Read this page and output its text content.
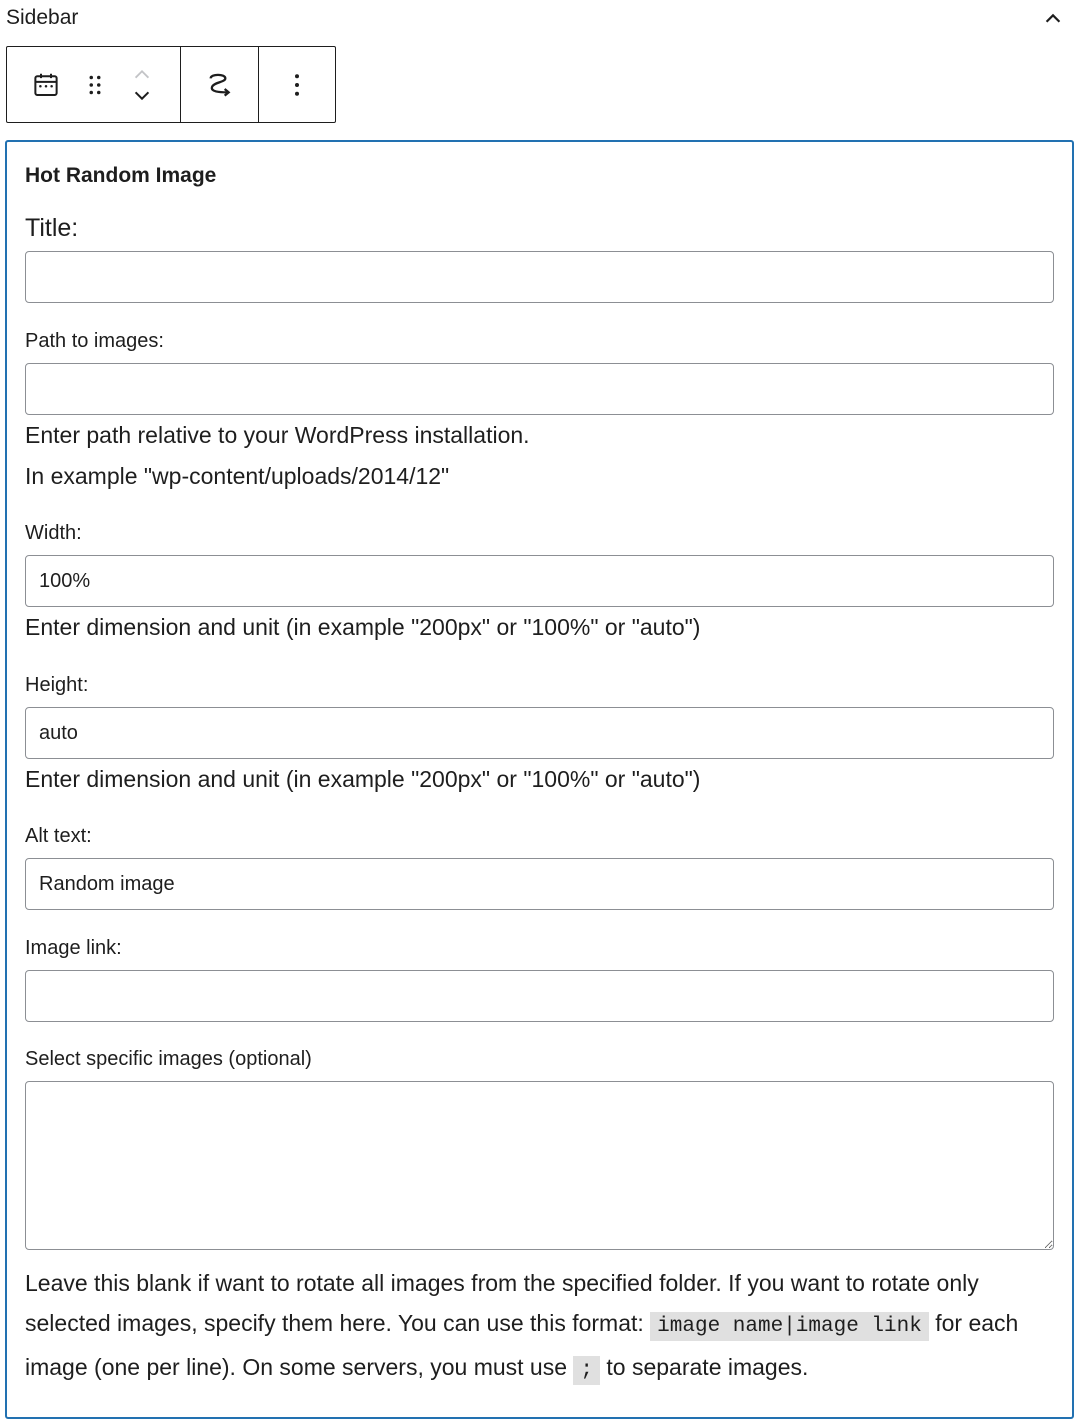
Sidebar
Hot Random Image
Title:
Path to images:
Enter path relative to your WordPress installation.
In example "wp-content/uploads/2014/12"
Width:
100%
Enter dimension and unit (in example "200px" or "100%" or "auto")
Height:
auto
Enter dimension and unit (in example "200px" or "100%" or "auto")
Alt text:
Random image
Image link:
Select specific images (optional)
Leave this blank if want to rotate all images from the specified folder. If you want to rotate only selected images, specify them here. You can use this format: image name|image link for each image (one per line). On some servers, you must use ; to separate images.
